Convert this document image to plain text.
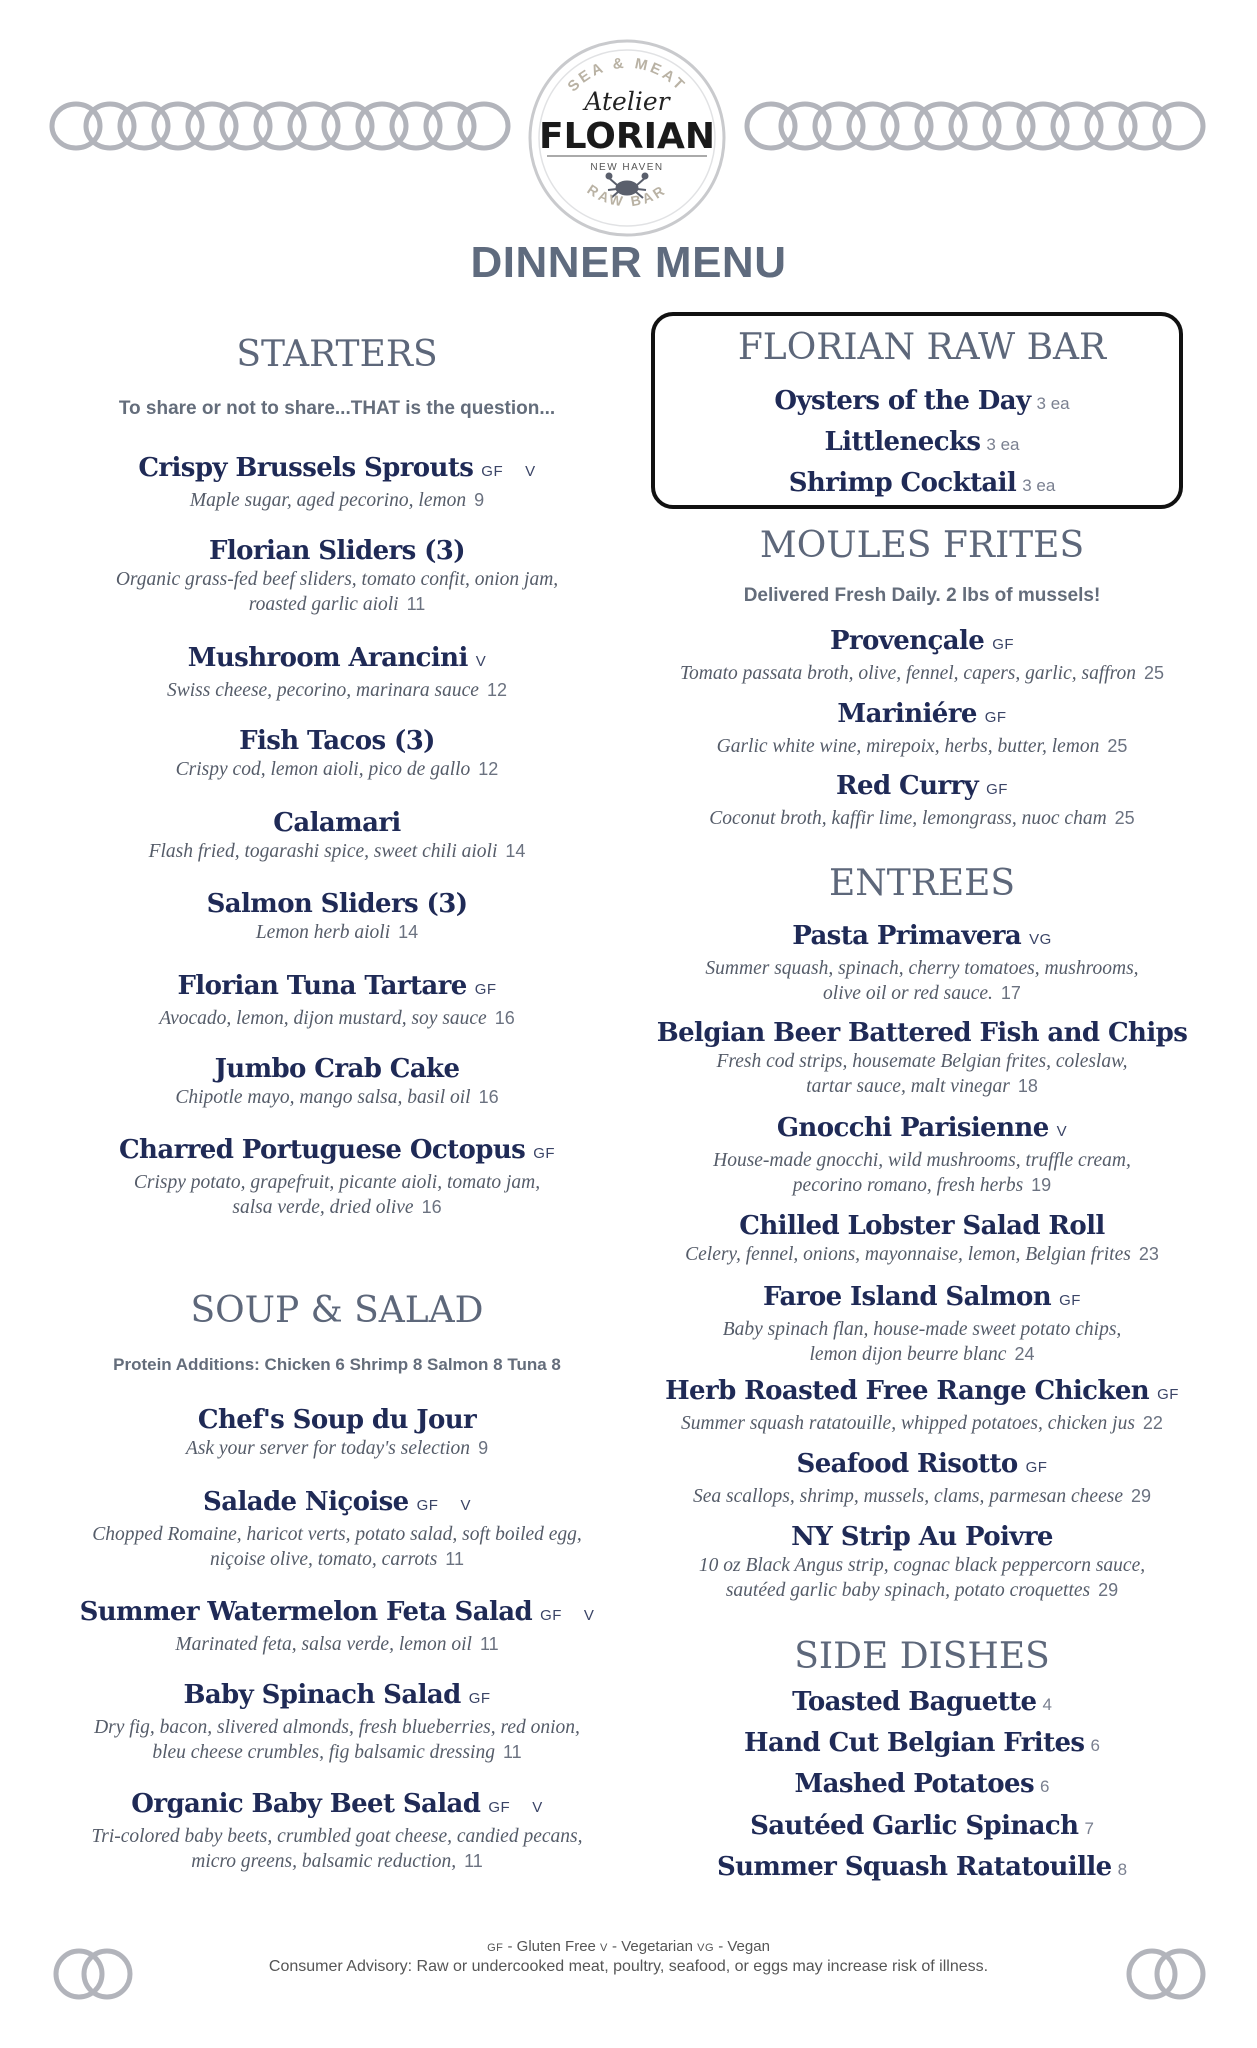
SEA & MEAT
Atelier
FLORIAN
NEW HAVEN
RAW BAR
DINNER MENU
STARTERS
To share or not to share...THAT is the question...
Crispy Brussels Sprouts GF V
Maple sugar, aged pecorino, lemon 9
Florian Sliders (3)
Organic grass-fed beef sliders, tomato confit, onion jam,
roasted garlic aioli 11
Mushroom Arancini V
Swiss cheese, pecorino, marinara sauce 12
Fish Tacos (3)
Crispy cod, lemon aioli, pico de gallo 12
Calamari
Flash fried, togarashi spice, sweet chili aioli 14
Salmon Sliders (3)
Lemon herb aioli 14
Florian Tuna Tartare GF
Avocado, lemon, dijon mustard, soy sauce 16
Jumbo Crab Cake
Chipotle mayo, mango salsa, basil oil 16
Charred Portuguese Octopus GF
Crispy potato, grapefruit, picante aioli, tomato jam,
salsa verde, dried olive 16
SOUP & SALAD
Protein Additions: Chicken 6 Shrimp 8 Salmon 8 Tuna 8
Chef's Soup du Jour
Ask your server for today's selection 9
Salade Niçoise GF V
Chopped Romaine, haricot verts, potato salad, soft boiled egg,
niçoise olive, tomato, carrots 11
Summer Watermelon Feta Salad GF V
Marinated feta, salsa verde, lemon oil 11
Baby Spinach Salad GF
Dry fig, bacon, slivered almonds, fresh blueberries, red onion,
bleu cheese crumbles, fig balsamic dressing 11
Organic Baby Beet Salad GF V
Tri-colored baby beets, crumbled goat cheese, candied pecans,
micro greens, balsamic reduction, 11
FLORIAN RAW BAR
Oysters of the Day 3 ea
Littlenecks 3 ea
Shrimp Cocktail 3 ea
MOULES FRITES
Delivered Fresh Daily. 2 lbs of mussels!
Provençale GF
Tomato passata broth, olive, fennel, capers, garlic, saffron 25
Mariniére GF
Garlic white wine, mirepoix, herbs, butter, lemon 25
Red Curry GF
Coconut broth, kaffir lime, lemongrass, nuoc cham 25
ENTREES
Pasta Primavera VG
Summer squash, spinach, cherry tomatoes, mushrooms,
olive oil or red sauce. 17
Belgian Beer Battered Fish and Chips
Fresh cod strips, housemate Belgian frites, coleslaw,
tartar sauce, malt vinegar 18
Gnocchi Parisienne V
House-made gnocchi, wild mushrooms, truffle cream,
pecorino romano, fresh herbs 19
Chilled Lobster Salad Roll
Celery, fennel, onions, mayonnaise, lemon, Belgian frites 23
Faroe Island Salmon GF
Baby spinach flan, house-made sweet potato chips,
lemon dijon beurre blanc 24
Herb Roasted Free Range Chicken GF
Summer squash ratatouille, whipped potatoes, chicken jus 22
Seafood Risotto GF
Sea scallops, shrimp, mussels, clams, parmesan cheese 29
NY Strip Au Poivre
10 oz Black Angus strip, cognac black peppercorn sauce,
sautéed garlic baby spinach, potato croquettes 29
SIDE DISHES
Toasted Baguette 4
Hand Cut Belgian Frites 6
Mashed Potatoes 6
Sautéed Garlic Spinach 7
Summer Squash Ratatouille 8
GF - Gluten Free V - Vegetarian VG - Vegan
Consumer Advisory: Raw or undercooked meat, poultry, seafood, or eggs may increase risk of illness.
